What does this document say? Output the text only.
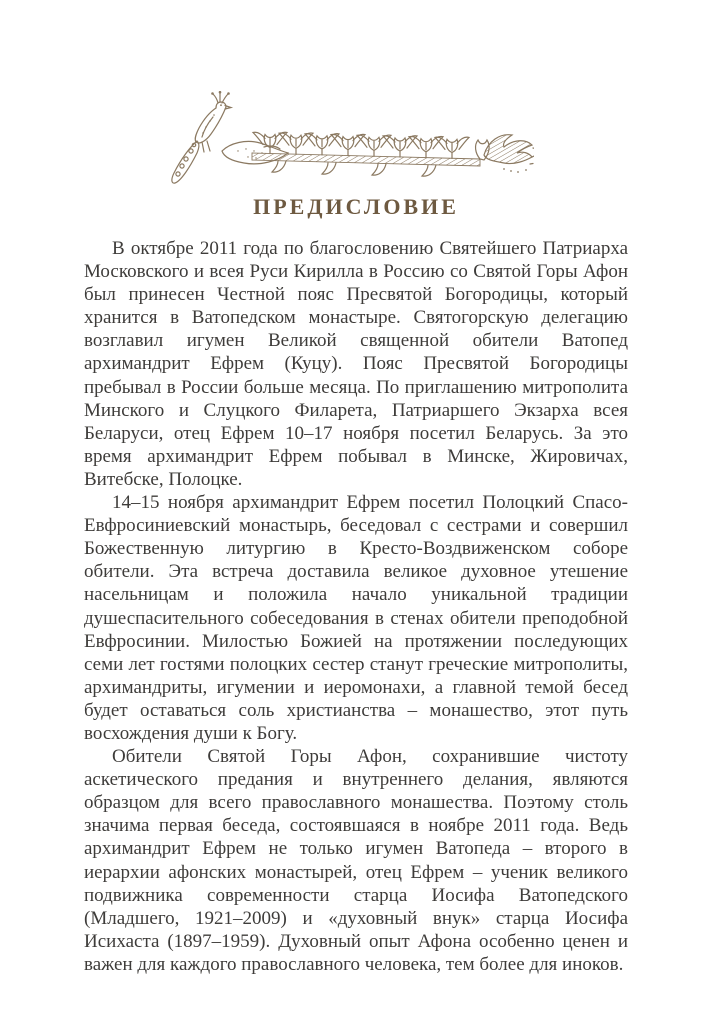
ПРЕДИСЛОВИЕ

В октябре 2011 года по благословению Святейшего Патриарха Московского и всея Руси Кирилла в Россию со Святой Горы Афон был принесен Честной пояс Пресвятой Богородицы, который хранится в Ватопедском монастыре. Святогорскую делегацию возглавил игумен Великой священной обители Ватопед архимандрит Ефрем (Куцу). Пояс Пресвятой Богородицы пребывал в России больше месяца. По приглашению митрополита Минского и Слуцкого Филарета, Патриаршего Экзарха всея Беларуси, отец Ефрем 10–17 ноября посетил Беларусь. За это время архимандрит Ефрем побывал в Минске, Жировичах, Витебске, Полоцке.

14–15 ноября архимандрит Ефрем посетил Полоцкий Спасо-Евфросиниевский монастырь, беседовал с сестрами и совершил Божественную литургию в Кресто-Воздвиженском соборе обители. Эта встреча доставила великое духовное утешение насельницам и положила начало уникальной традиции душеспасительного собеседования в стенах обители преподобной Евфросинии. Милостью Божией на протяжении последующих семи лет гостями полоцких сестер станут греческие митрополиты, архимандриты, игумении и иеромонахи, а главной темой бесед будет оставаться соль христианства – монашество, этот путь восхождения души к Богу.

Обители Святой Горы Афон, сохранившие чистоту аскетического предания и внутреннего делания, являются образцом для всего православного монашества. Поэтому столь значима первая беседа, состоявшаяся в ноябре 2011 года. Ведь архимандрит Ефрем не только игумен Ватопеда – второго в иерархии афонских монастырей, отец Ефрем – ученик великого подвижника современности старца Иосифа Ватопедского (Младшего, 1921–2009) и «духовный внук» старца Иосифа Исихаста (1897–1959). Духовный опыт Афона особенно ценен и важен для каждого православного человека, тем более для иноков.
